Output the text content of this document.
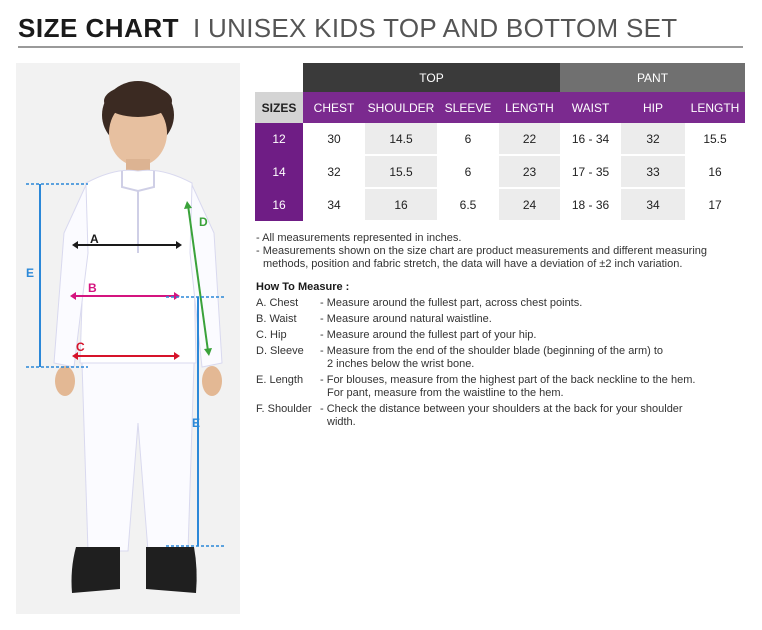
SIZE CHART I UNISEX KIDS TOP AND BOTTOM SET
E
A
B
C
D
E
	TOP				PANT		
SIZES	CHEST	SHOULDER	SLEEVE	LENGTH	WAIST	HIP	LENGTH
12	30	14.5	6	22	16 - 34	32	15.5
14	32	15.5	6	23	17 - 35	33	16
16	34	16	6.5	24	18 - 36	34	17

- All measurements represented in inches.

- Measurements shown on the size chart are product measurements and different measuring

methods, position and fabric stretch, the data will have a deviation of ±2 inch variation.

How To Measure :
A. Chest	- Measure around the fullest part, across chest points.
B. Waist	- Measure around natural waistline.
C. Hip	- Measure around the fullest part of your hip.
D. Sleeve	- Measure from the end of the shoulder blade (beginning of the arm) to
2 inches below the wrist bone.
E. Length	- For blouses, measure from the highest part of the back neckline to the hem.
For pant, measure from the waistline to the hem.
F. Shoulder - Check the distance between your shoulders at the back for your shoulder
width.
